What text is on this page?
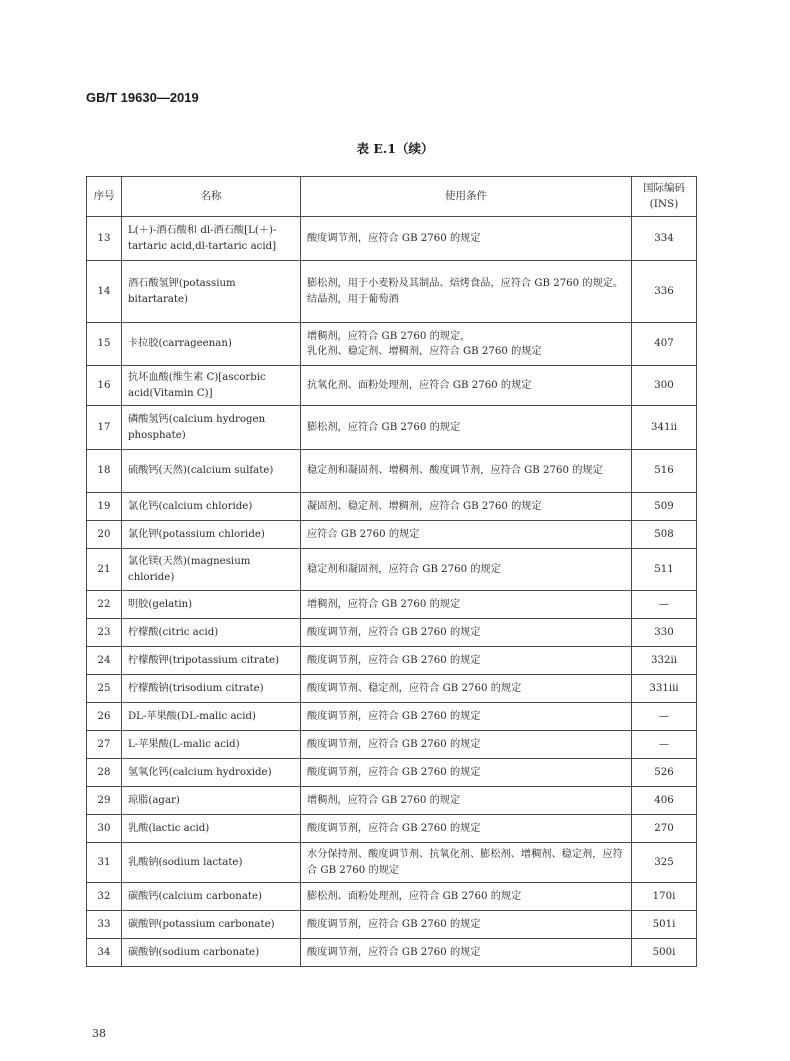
GB/T 19630—2019
表 E.1（续）
序号	名称	使用条件	国际编码
(INS)
13	L(＋)-酒石酸和 dl-酒石酸[L(＋)-tartaric acid,dl-tartaric acid]	酸度调节剂，应符合 GB 2760 的规定	334
14	酒石酸氢钾(potassium bitartarate)	膨松剂，用于小麦粉及其制品、焙烤食品，应符合 GB 2760 的规定。
结晶剂，用于葡萄酒	336
15	卡拉胶(carrageenan)	增稠剂，应符合 GB 2760 的规定，
乳化剂、稳定剂、增稠剂，应符合 GB 2760 的规定	407
16	抗坏血酸(维生素 C)[ascorbic acid(Vitamin C)]	抗氧化剂、面粉处理剂，应符合 GB 2760 的规定	300
17	磷酸氢钙(calcium hydrogen phosphate)	膨松剂，应符合 GB 2760 的规定	341ii
18	硫酸钙(天然)(calcium sulfate)	稳定剂和凝固剂、增稠剂、酸度调节剂，应符合 GB 2760 的规定	516
19	氯化钙(calcium chloride)	凝固剂、稳定剂、增稠剂，应符合 GB 2760 的规定	509
20	氯化钾(potassium chloride)	应符合 GB 2760 的规定	508
21	氯化镁(天然)(magnesium chloride)	稳定剂和凝固剂，应符合 GB 2760 的规定	511
22	明胶(gelatin)	增稠剂，应符合 GB 2760 的规定	—
23	柠檬酸(citric acid)	酸度调节剂，应符合 GB 2760 的规定	330
24	柠檬酸钾(tripotassium citrate)	酸度调节剂，应符合 GB 2760 的规定	332ii
25	柠檬酸钠(trisodium citrate)	酸度调节剂、稳定剂，应符合 GB 2760 的规定	331iii
26	DL-苹果酸(DL-malic acid)	酸度调节剂，应符合 GB 2760 的规定	—
27	L-苹果酸(L-malic acid)	酸度调节剂，应符合 GB 2760 的规定	—
28	氢氧化钙(calcium hydroxide)	酸度调节剂，应符合 GB 2760 的规定	526
29	琼脂(agar)	增稠剂，应符合 GB 2760 的规定	406
30	乳酸(lactic acid)	酸度调节剂，应符合 GB 2760 的规定	270
31	乳酸钠(sodium lactate)	水分保持剂、酸度调节剂、抗氧化剂、膨松剂、增稠剂、稳定剂，应符合 GB 2760 的规定	325
32	碳酸钙(calcium carbonate)	膨松剂、面粉处理剂，应符合 GB 2760 的规定	170i
33	碳酸钾(potassium carbonate)	酸度调节剂，应符合 GB 2760 的规定	501i
34	碳酸钠(sodium carbonate)	酸度调节剂，应符合 GB 2760 的规定	500i
38
